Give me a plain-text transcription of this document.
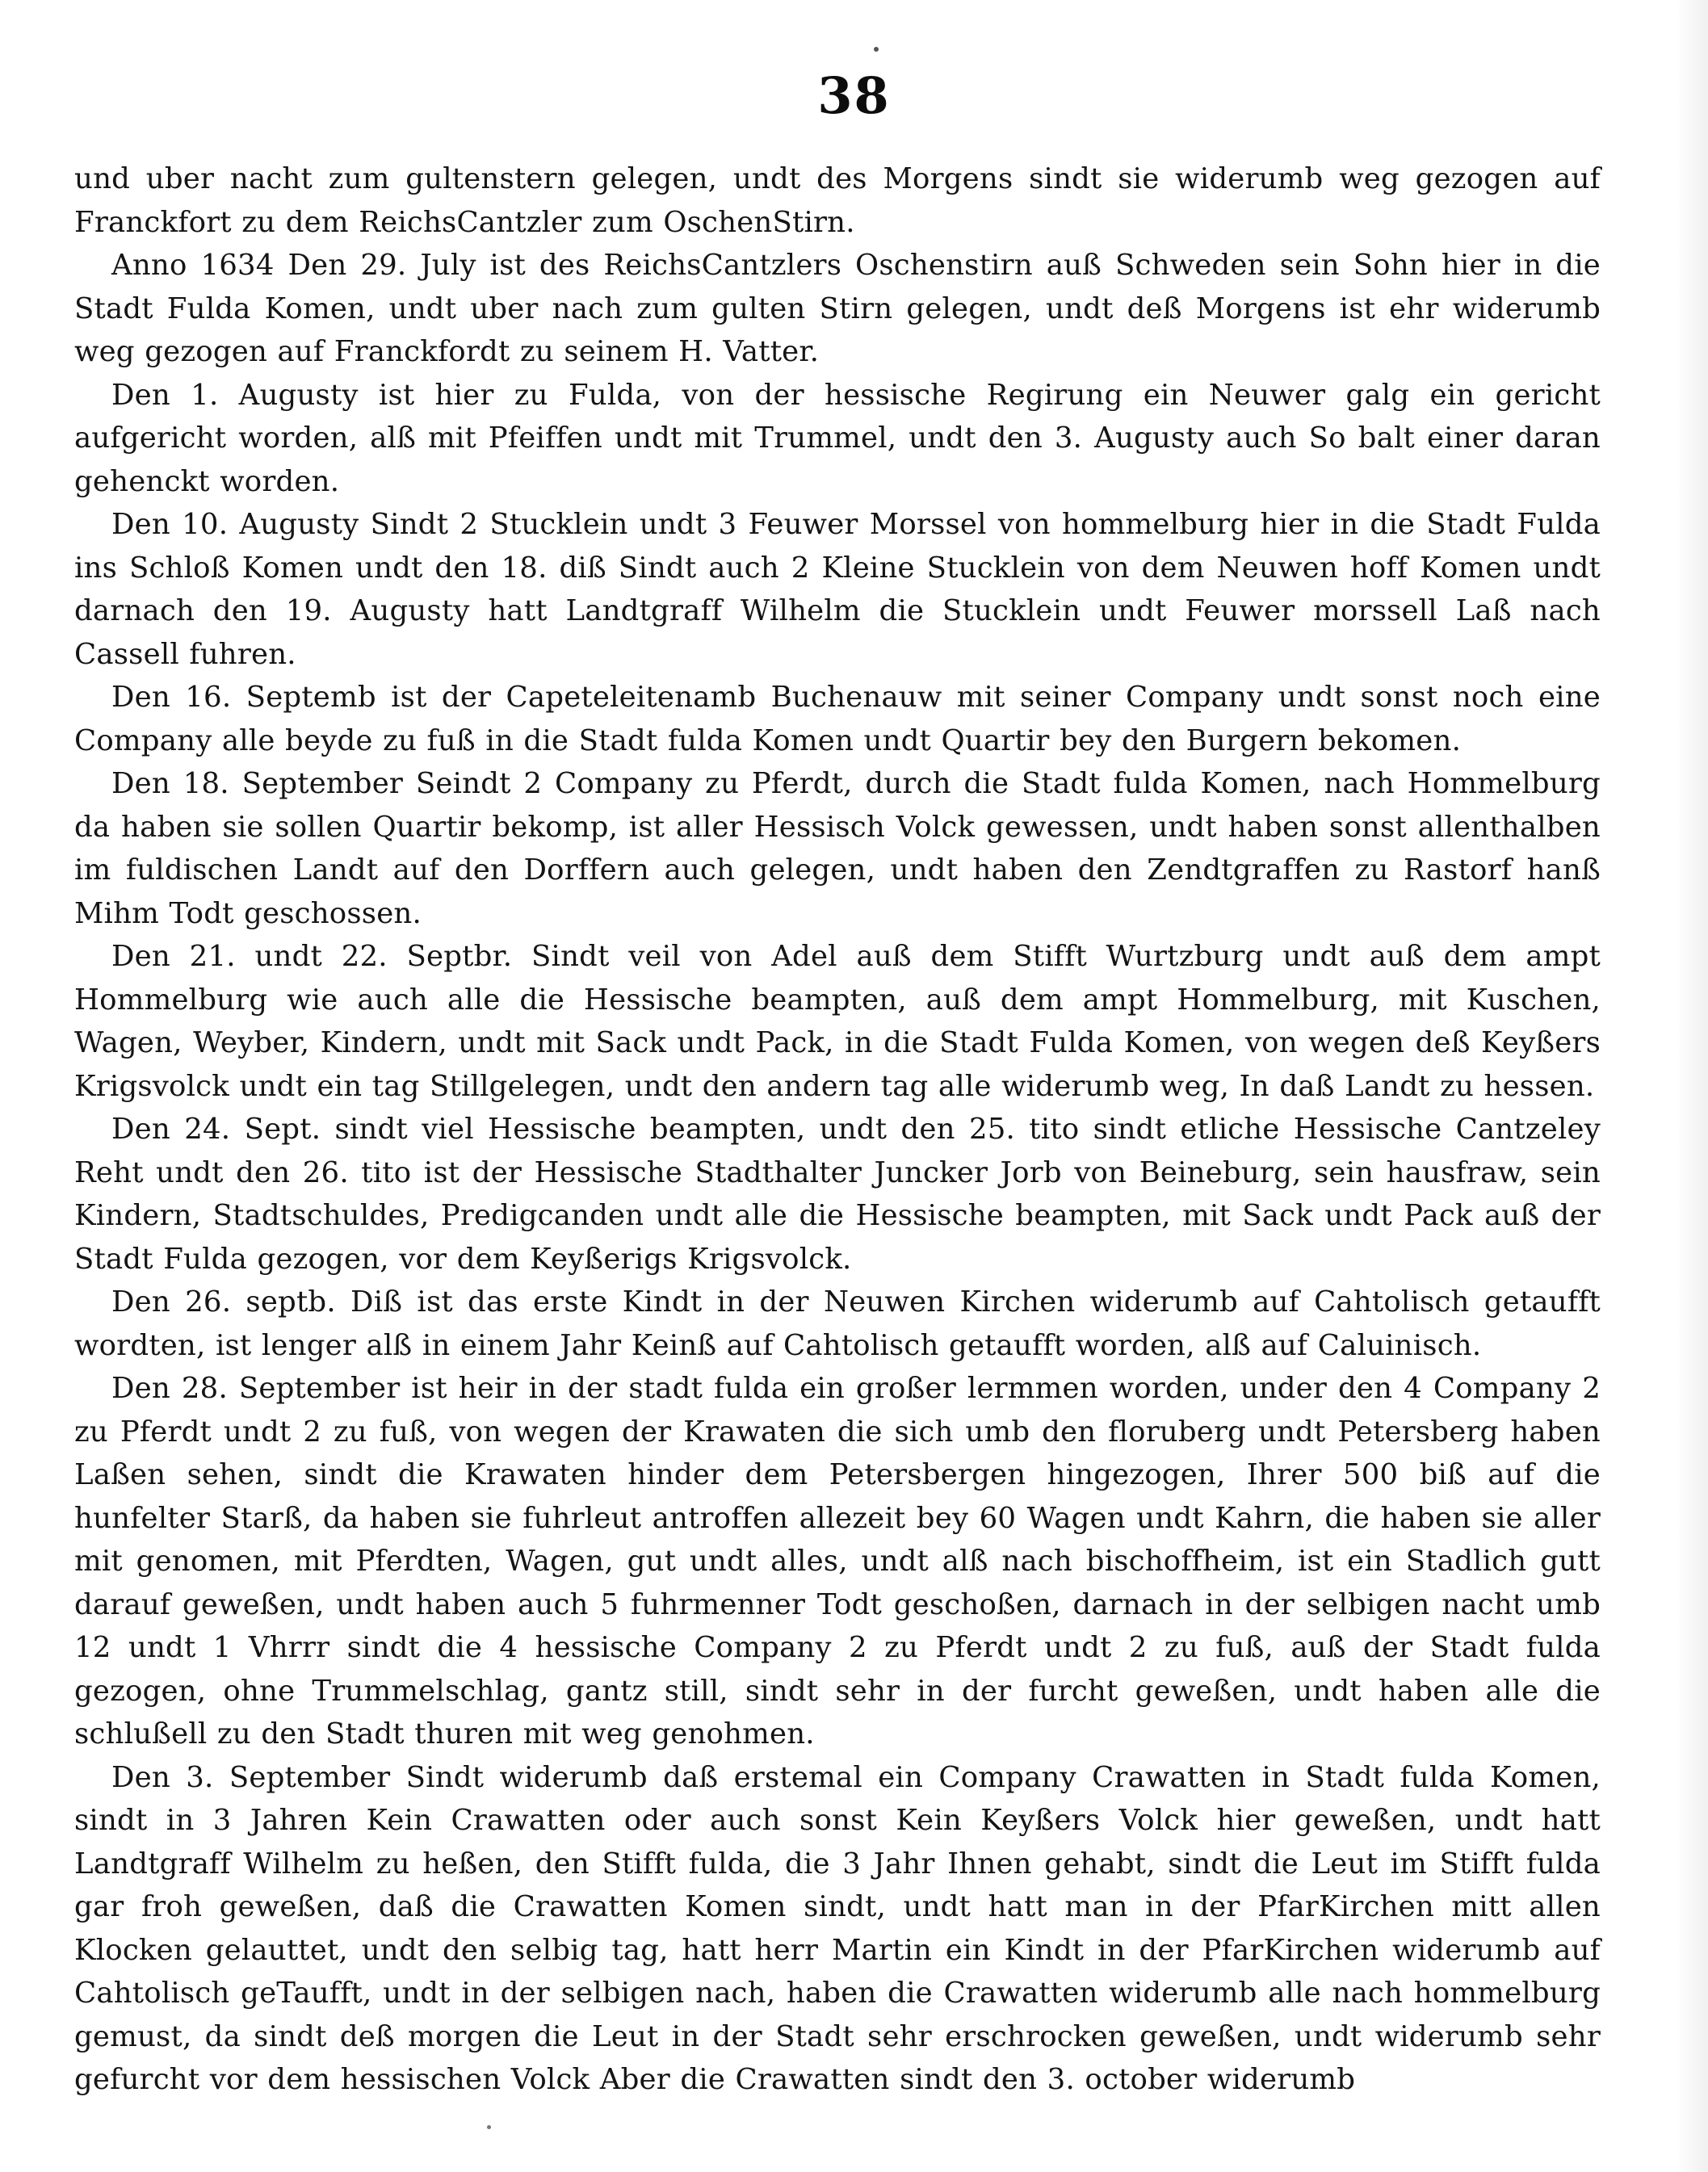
38

und uber nacht zum gultenstern gelegen, undt des Morgens sindt sie widerumb weg gezogen auf Franckfort zu dem ReichsCantzler zum OschenStirn.

Anno 1634 Den 29. July ist des ReichsCantzlers Oschenstirn auß Schweden sein Sohn hier in die Stadt Fulda Komen, undt uber nach zum gulten Stirn gelegen, undt deß Morgens ist ehr widerumb weg gezogen auf Franckfordt zu seinem H. Vatter.

Den 1. Augusty ist hier zu Fulda, von der hessische Regirung ein Neuwer galg ein gericht aufgericht worden, alß mit Pfeiffen undt mit Trummel, undt den 3. Augusty auch So balt einer daran gehenckt worden.

Den 10. Augusty Sindt 2 Stucklein undt 3 Feuwer Morssel von hommelburg hier in die Stadt Fulda ins Schloß Komen undt den 18. diß Sindt auch 2 Kleine Stucklein von dem Neuwen hoff Komen undt darnach den 19. Augusty hatt Landtgraff Wilhelm die Stucklein undt Feuwer morssell Laß nach Cassell fuhren.

Den 16. Septemb ist der Capeteleitenamb Buchenauw mit seiner Company undt sonst noch eine Company alle beyde zu fuß in die Stadt fulda Komen undt Quartir bey den Burgern bekomen.

Den 18. September Seindt 2 Company zu Pferdt, durch die Stadt fulda Komen, nach Hommelburg da haben sie sollen Quartir bekomp, ist aller Hessisch Volck gewessen, undt haben sonst allenthalben im fuldischen Landt auf den Dorffern auch gelegen, undt haben den Zendtgraffen zu Rastorf hanß Mihm Todt geschossen.

Den 21. undt 22. Septbr. Sindt veil von Adel auß dem Stifft Wurtzburg undt auß dem ampt Hommelburg wie auch alle die Hessische beampten, auß dem ampt Hommelburg, mit Kuschen, Wagen, Weyber, Kindern, undt mit Sack undt Pack, in die Stadt Fulda Komen, von wegen deß Keyßers Krigsvolck undt ein tag Stillgelegen, undt den andern tag alle widerumb weg, In daß Landt zu hessen.

Den 24. Sept. sindt viel Hessische beampten, undt den 25. tito sindt etliche Hessische Cantzeley Reht undt den 26. tito ist der Hessische Stadthalter Juncker Jorb von Beineburg, sein hausfraw, sein Kindern, Stadtschuldes, Predigcanden undt alle die Hessische beampten, mit Sack undt Pack auß der Stadt Fulda gezogen, vor dem Keyßerigs Krigsvolck.

Den 26. septb. Diß ist das erste Kindt in der Neuwen Kirchen widerumb auf Cahtolisch getaufft wordten, ist lenger alß in einem Jahr Keinß auf Cahtolisch getaufft worden, alß auf Caluinisch.

Den 28. September ist heir in der stadt fulda ein großer lermmen worden, under den 4 Company 2 zu Pferdt undt 2 zu fuß, von wegen der Krawaten die sich umb den floruberg undt Petersberg haben Laßen sehen, sindt die Krawaten hinder dem Petersbergen hingezogen, Ihrer 500 biß auf die hunfelter Starß, da haben sie fuhrleut antroffen allezeit bey 60 Wagen undt Kahrn, die haben sie aller mit genomen, mit Pferdten, Wagen, gut undt alles, undt alß nach bischoffheim, ist ein Stadlich gutt darauf geweßen, undt haben auch 5 fuhrmenner Todt geschoßen, darnach in der selbigen nacht umb 12 undt 1 Vhrrr sindt die 4 hessische Company 2 zu Pferdt undt 2 zu fuß, auß der Stadt fulda gezogen, ohne Trummelschlag, gantz still, sindt sehr in der furcht geweßen, undt haben alle die schlußell zu den Stadt thuren mit weg genohmen.

Den 3. September Sindt widerumb daß erstemal ein Company Crawatten in Stadt fulda Komen, sindt in 3 Jahren Kein Crawatten oder auch sonst Kein Keyßers Volck hier geweßen, undt hatt Landtgraff Wilhelm zu heßen, den Stifft fulda, die 3 Jahr Ihnen gehabt, sindt die Leut im Stifft fulda gar froh geweßen, daß die Crawatten Komen sindt, undt hatt man in der PfarKirchen mitt allen Klocken gelauttet, undt den selbig tag, hatt herr Martin ein Kindt in der PfarKirchen widerumb auf Cahtolisch geTaufft, undt in der selbigen nach, haben die Crawatten widerumb alle nach hommelburg gemust, da sindt deß morgen die Leut in der Stadt sehr erschrocken geweßen, undt widerumb sehr gefurcht vor dem hessischen Volck Aber die Crawatten sindt den 3. october widerumb
